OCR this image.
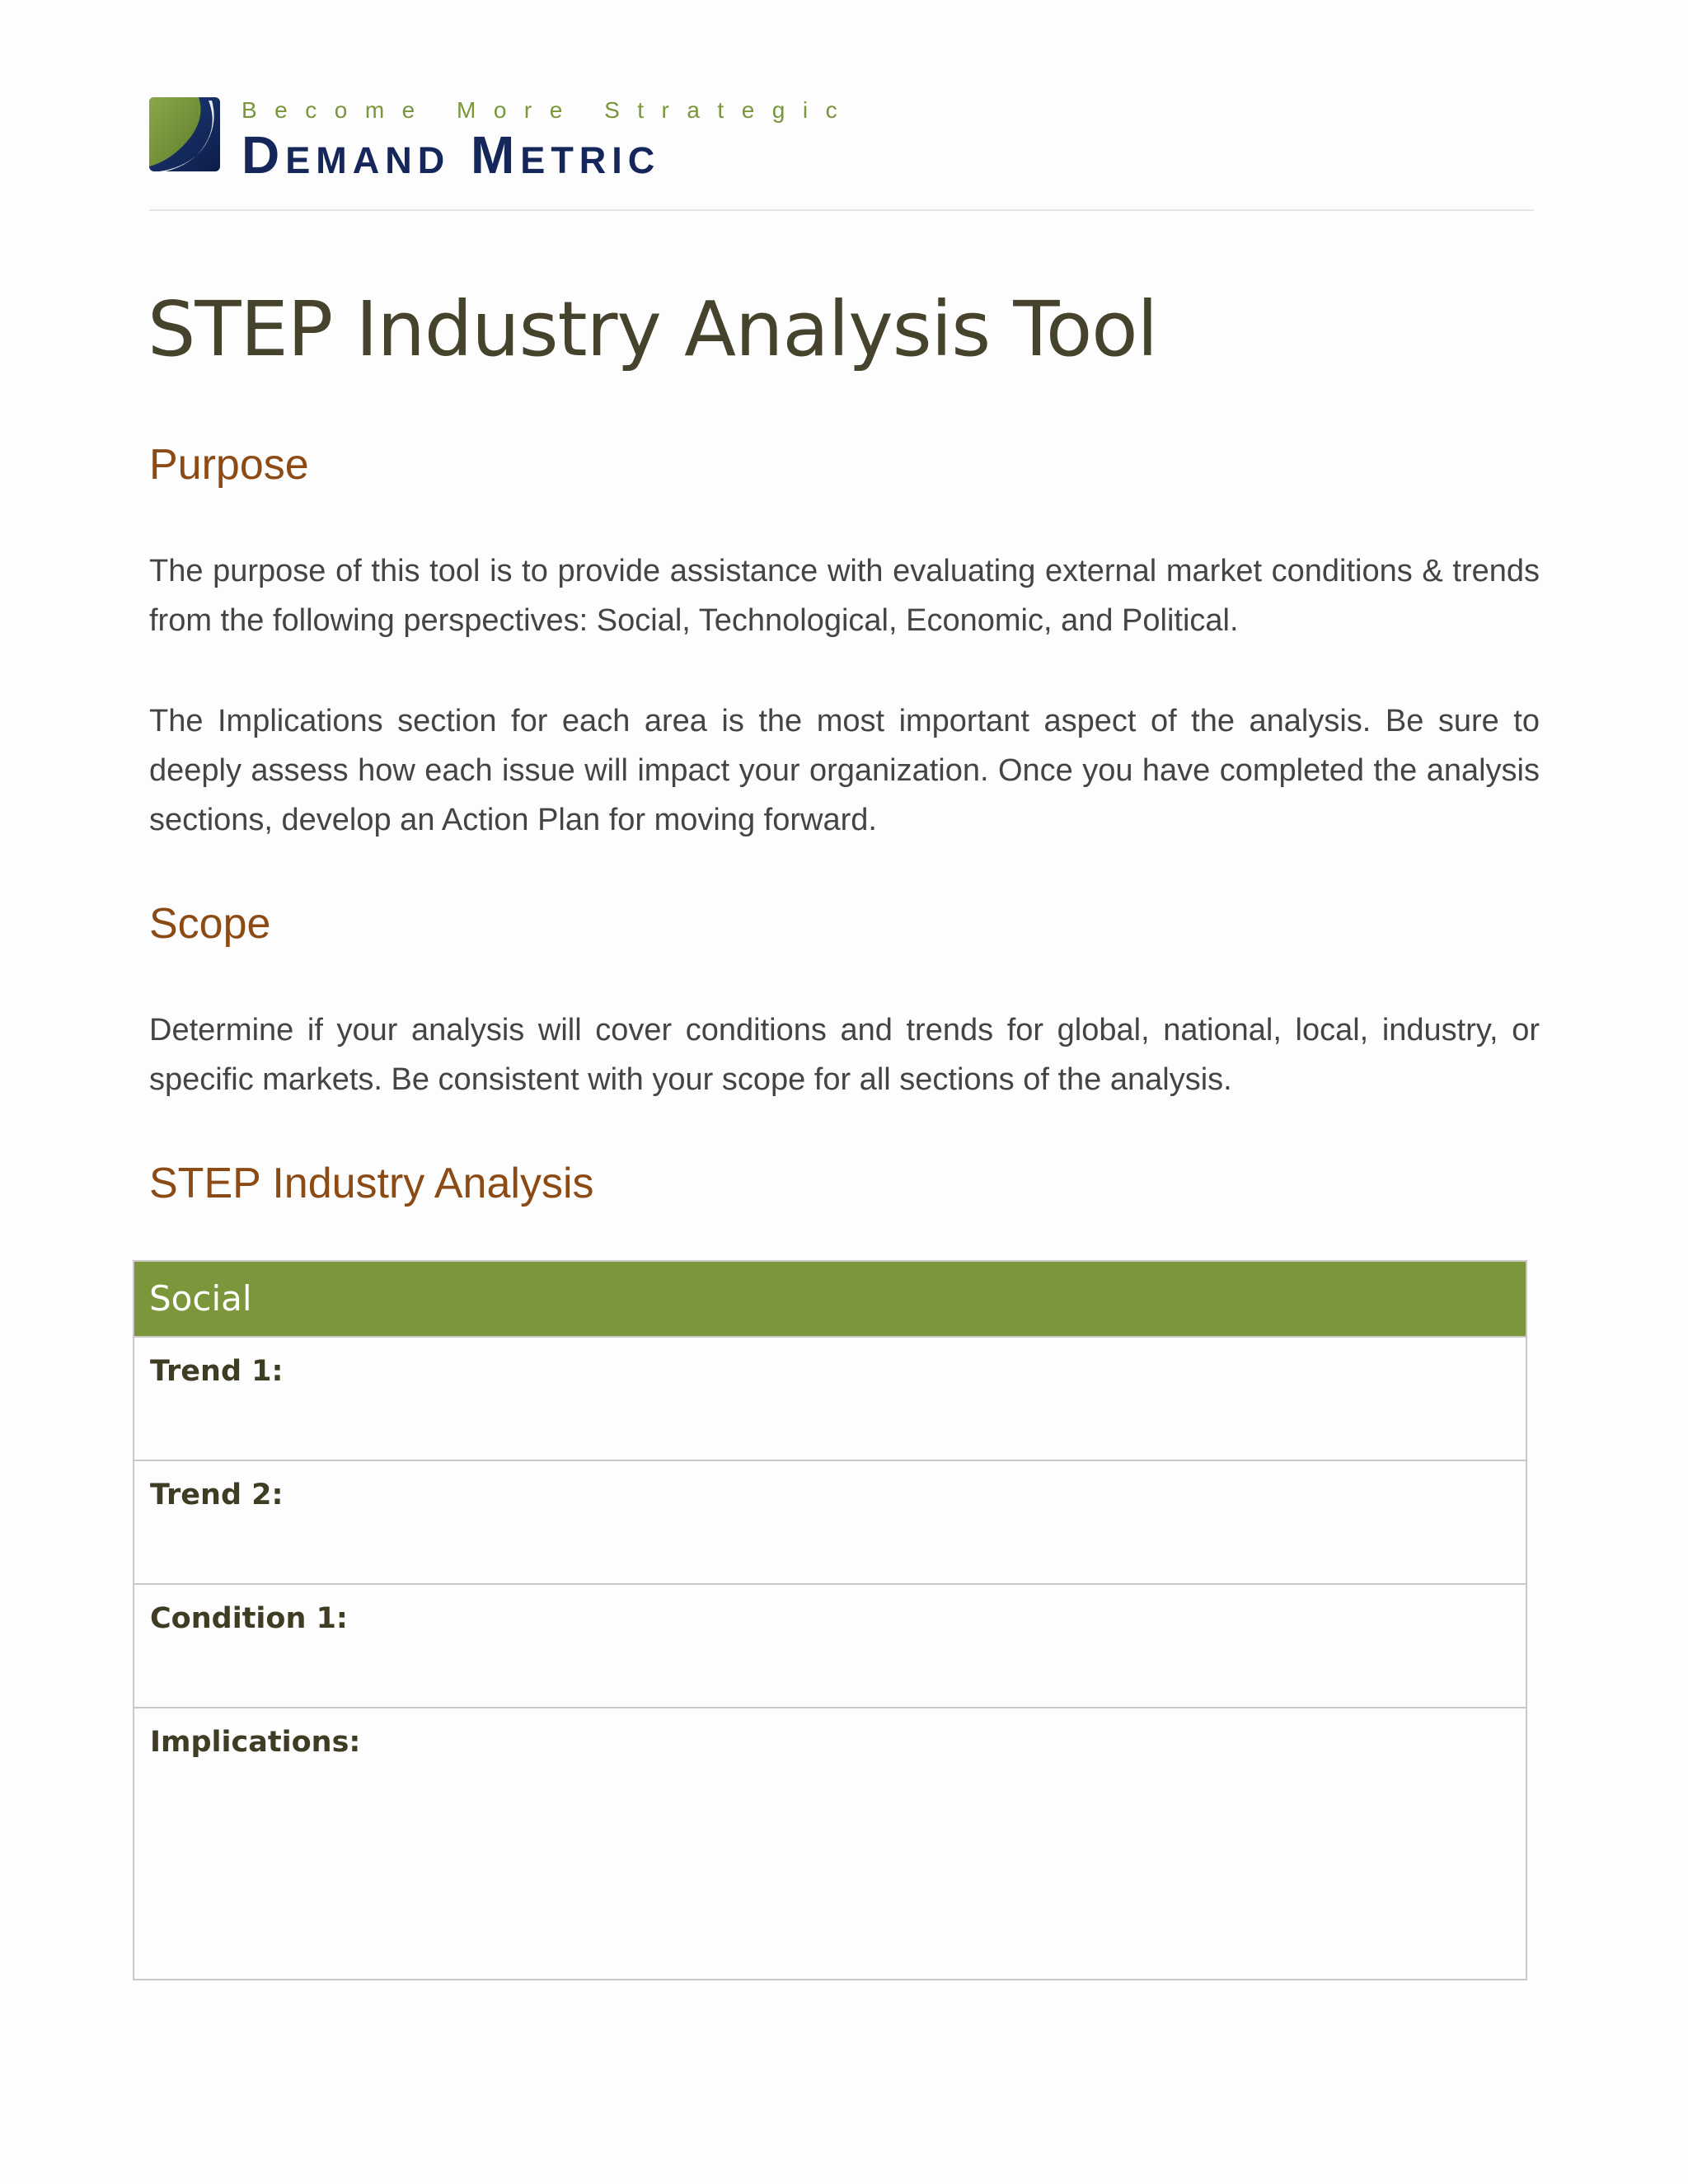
Become More Strategic
Demand Metric
STEP Industry Analysis Tool
Purpose

The purpose of this tool is to provide assistance with evaluating external market conditions & trends from the following perspectives: Social, Technological, Economic, and Political.

The Implications section for each area is the most important aspect of the analysis. Be sure to deeply assess how each issue will impact your organization. Once you have completed the analysis sections, develop an Action Plan for moving forward.

Scope

Determine if your analysis will cover conditions and trends for global, national, local, industry, or specific markets. Be consistent with your scope for all sections of the analysis.

STEP Industry Analysis
Social
Trend 1:
Trend 2:
Condition 1:
Implications:
